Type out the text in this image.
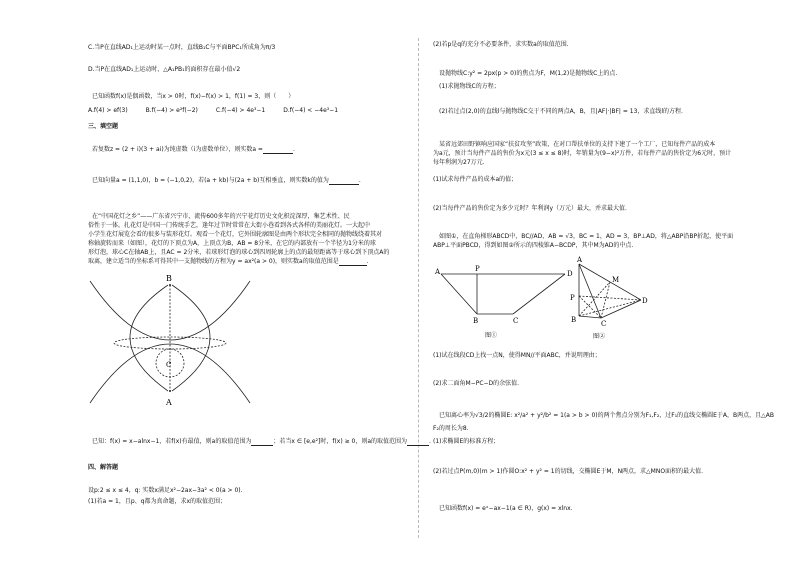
C.当P在直线AD₁上运动时某一点时，直线B₁C与平面BPC₁所成角为π/3
D.当P在直线AD₁上运动时，△A₁PB₁的面积存在最小值√2
已知函数f(x)是偶函数，当x > 0时，f(x)−f(x) > 1，f(1) = 3，则（　　）
A.f(4) > ef(3)　　　B.f(−4) > e²f(−2)　　　C.f(−4) > 4e³−1　　　D.f(−4) < −4e³−1
三、填空题
若复数z = (2 + i)(3 + ai)为纯虚数（i为虚数单位），则实数a =	.
已知向量a = (1,1,0)，b = (−1,0,2)，若(a + kb)与(2a + b)互相垂直，则实数k的值为	.
在“中国花灯之乡”——广东省兴宁市，流传600多年的兴宁花灯历史文化积淀深厚，集艺术性、民
俗性于一体，扎花灯是中国一门传统手艺，逢年过节时常常在大街小巷看到各式各样的美丽花灯。一大起中
小学生花灯展览会看的很多与装形花灯。观看一个花灯，它外围轮廓图是由两个形状完全相同的抛物线绕着其对
称轴旋转而来（如图），花灯的下顶点为A，上顶点为B，AB = 8分米，在它的内部放有一个半径为1分米的球
形灯泡，球心C在轴AB上，且AC = 2分米，若球形灯泡的球心到四周轮廓上的点的最短距离等于球心到下顶点A的
取离，建立适当的坐标系可得其中一支抛物线的方程为y = ax²(a > 0)，则实数a的取值范围是	.
B
C
A
已知：f(x) = x−alnx−1，若f(x)有最值，则a的取值范围为	；若当x ∈ [e,e²]时，f(x) ≥ 0，则a的取值范围为	.
四、解答题
设p:2 ≤ x ≤ 4，q: 实数x满足x²−2ax−3a² < 0(a > 0).
(1)若a = 1，且p、q都为真命题，求x的取值范围；
(2)若p是q的充分不必要条件，求实数a的取值范围.
设抛物线C:y² = 2px(p > 0)的焦点为F，M(1,2)是抛物线C上的点.
(1)求抛物线C的方程；
(2)若过点(2,0)的直线l与抛物线C交于不同的两点A，B，且|AF|·|BF| = 13，求直线l的方程.
某省远郊田野镇响应国家“扶贫攻坚”政策，在对口帮扶单位的支持下建了一个工厂，已知每件产品的成本
为a元，预计当每件产品的售价为x元(3 ≤ x ≤ 8)时，年销量为(9−x)²万件，若每件产品的售价定为6元时，预计
每年利润为27万元.
(1)试求每件产品的成本a的值；
(2)当每件产品的售价定为多少元时？年利润y（万元）最大，并求最大值.
如图①，在直角梯形ABCD中，BC//AD，AB = √3，BC = 1，AD = 3，BP⊥AD，将△ABP沿BP折起，使平面
ABP⊥平面PBCD，得到如图②所示的四棱锥A−BCDP，其中M为AD的中点.
A	P
D
B	C
图①
A
M
P	D
B	C
图②
(1)试在线段CD上找一点N，使得MN//平面ABC，并说明理由；
(2)求二面角M−PC−D的余弦值.
已知离心率为√3/2的椭圆E: x²/a² + y²/b² = 1(a > b > 0)的两个焦点分别为F₁,F₂，过F₁的直线交椭圆E于A，B两点，且△AB
F₂的周长为8.
(1)求椭圆E的标准方程；
(2)若过点P(m,0)(m > 1)作圆O:x² + y² = 1的切线，交椭圆E于M，N两点，求△MNO面积的最大值.
已知函数f(x) = eˣ−ax−1(a ∈ R)，g(x) = xlnx.
